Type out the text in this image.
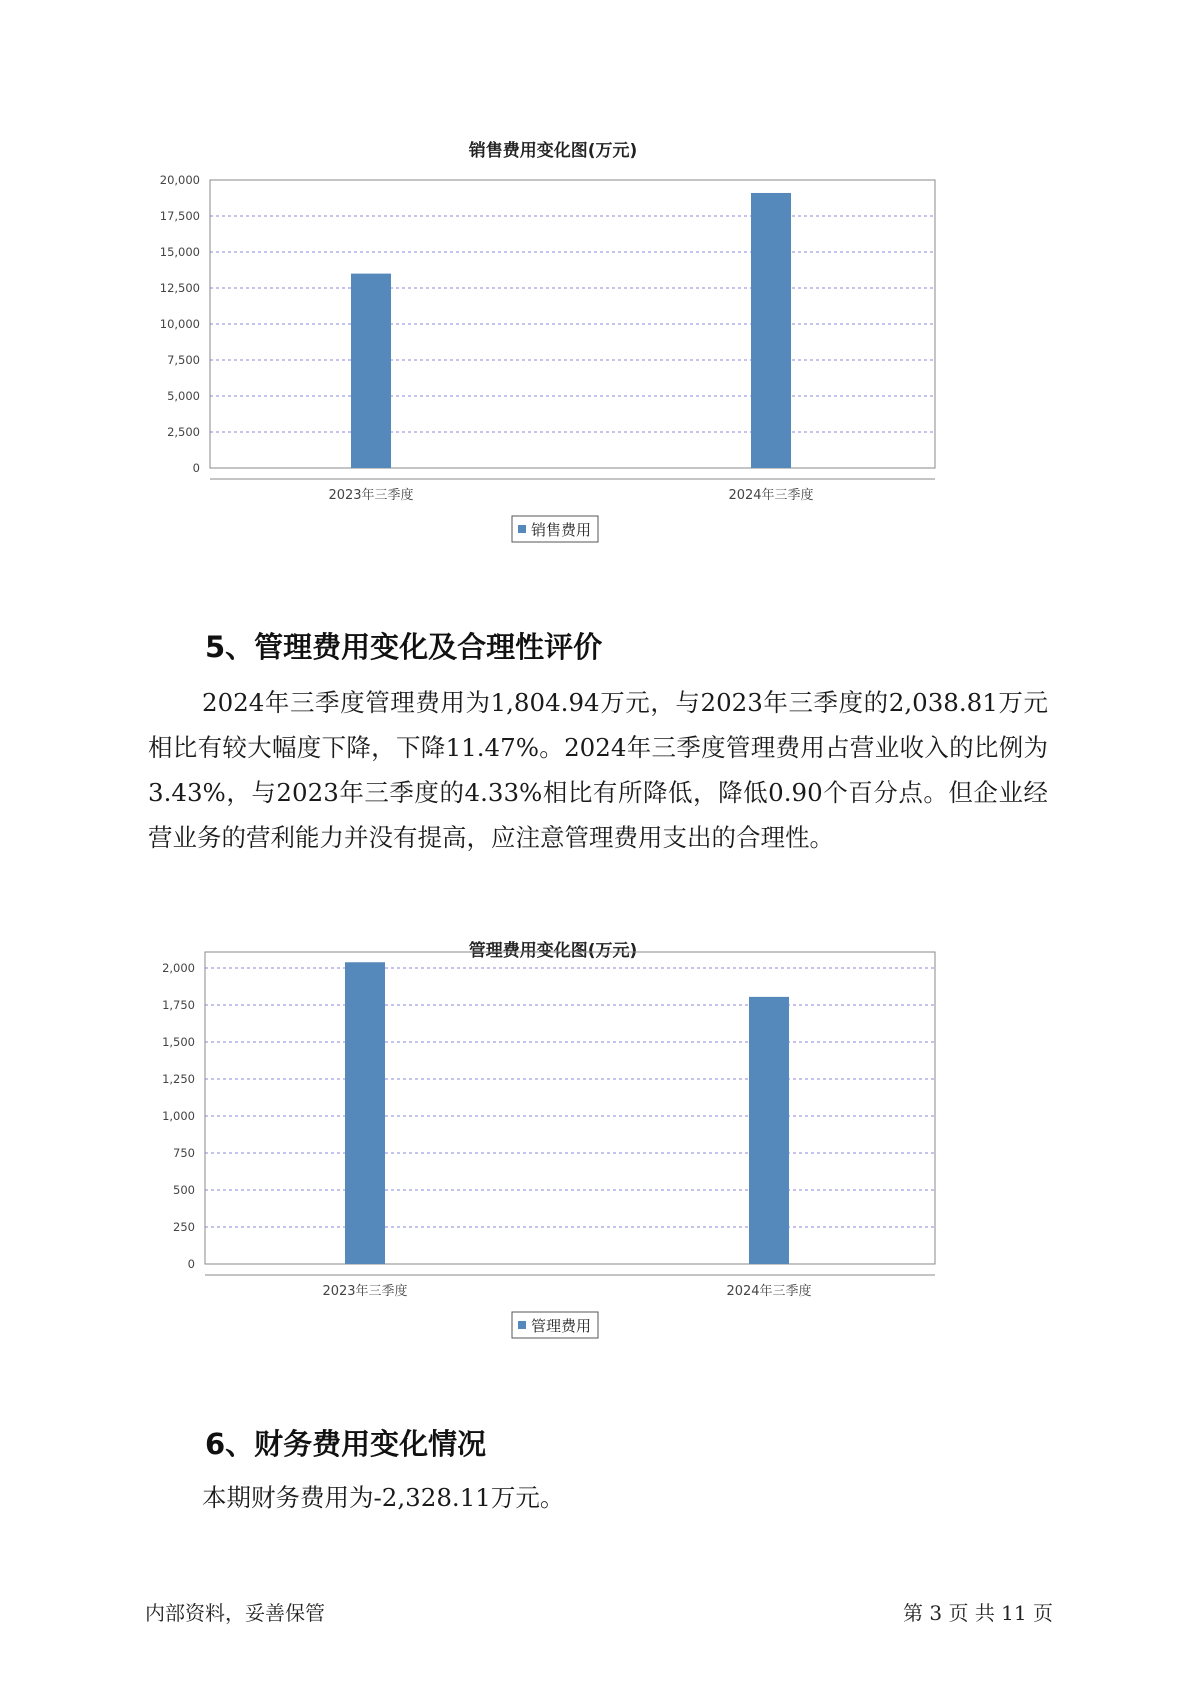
销售费用变化图(万元)
0
2,500
5,000
7,500
10,000
12,500
15,000
17,500
20,000
2023年三季度	2024年三季度
销售费用
5、管理费用变化及合理性评价

2024年三季度管理费用为1,804.94万元，与2023年三季度的2,038.81万元相比有较大幅度下降，下降11.47%。2024年三季度管理费用占营业收入的比例为3.43%，与2023年三季度的4.33%相比有所降低，降低0.90个百分点。但企业经营业务的营利能力并没有提高，应注意管理费用支出的合理性。

管理费用变化图(万元)
0
250
500
750
1,000
1,250
1,500
1,750
2,000
2023年三季度	2024年三季度
管理费用
6、财务费用变化情况

本期财务费用为-2,328.11万元。

内部资料，妥善保管	第 3 页 共 11 页
